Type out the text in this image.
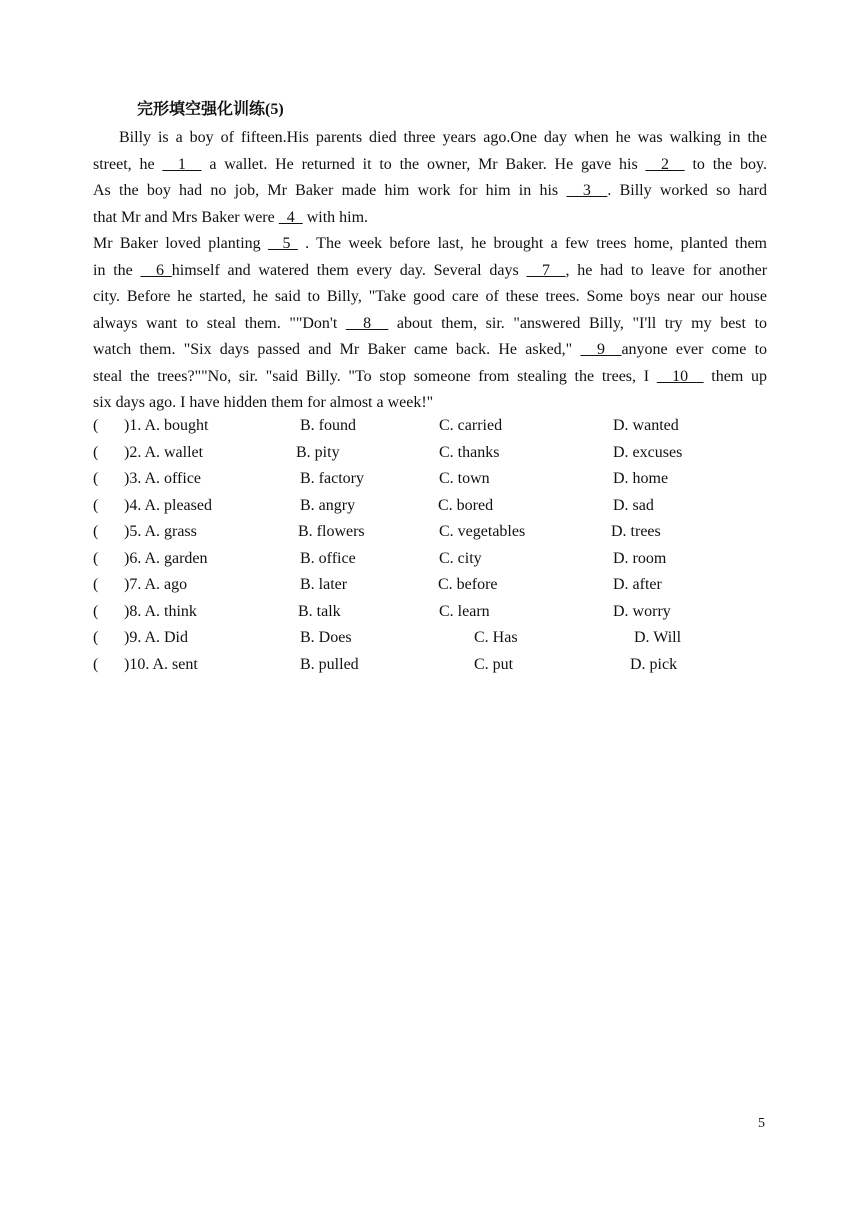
完形填空强化训练(5)
Billy is a boy of fifteen.His parents died three years ago.One day when he was walking in the
street, he   1   a wallet. He returned it to the owner, Mr Baker. He gave his   2   to the boy.
As the boy had no job, Mr Baker made him work for him in his   3  . Billy worked so hard
that Mr and Mrs Baker were   4   with him.
Mr Baker loved planting   5  . The week before last, he brought a few trees home, planted them
in the   6 himself and watered them every day. Several days   7  , he had to leave for another
city. Before he started, he said to Billy, "Take good care of these trees. Some boys near our house
always want to steal them. ""Don't   8   about them, sir. "answered Billy, "I'll try my best to
watch them. "Six days passed and Mr Baker came back. He asked,"   9  anyone ever come to
steal the trees?""No, sir. "said Billy. "To stop someone from stealing the trees, I   10   them up
six days ago. I have hidden them for almost a week!"
( )1. A. bought	B. found	C. carried	D. wanted
( )2. A. wallet	B. pity	C. thanks	D. excuses
( )3. A. office	B. factory	C. town	D. home
( )4. A. pleased	B. angry	C. bored	D. sad
( )5. A. grass	B. flowers	C. vegetables	D. trees
( )6. A. garden	B. office	C. city	D. room
( )7. A. ago	B. later	C. before	D. after
( )8. A. think	B. talk	C. learn	D. worry
( )9. A. Did	B. Does	C. Has	D. Will
( )10. A. sent	B. pulled	C. put	D. pick
5
